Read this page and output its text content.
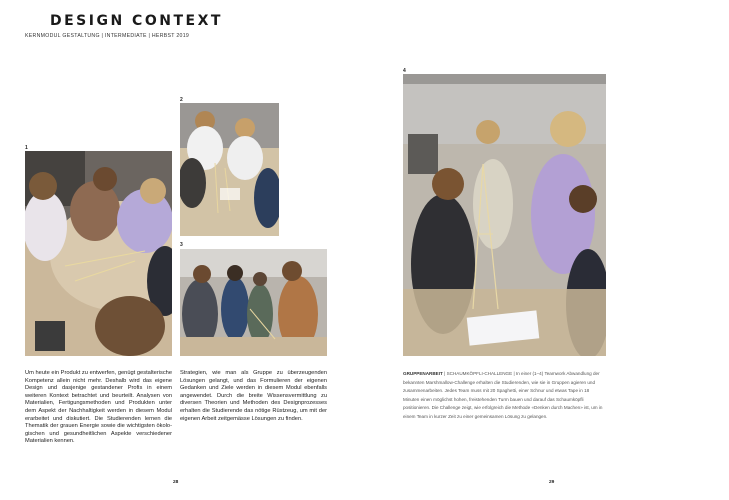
DESIGN CONTEXT
KERNMODUL GESTALTUNG | INTERMEDIATE | HERBST 2019
1
2
3
4
Um heute ein Produkt zu entwerfen, genügt gestalterische Kompetenz allein nicht mehr. Deshalb wird das eigene Design und dasjenige gestandener Profis in einem weiteren Kontext betrachtet und beurteilt. Analysen von Materialien, Fertigungsmethoden und Produkten unter dem Aspekt der Nachhaltigkeit werden in diesem Modul erarbeitet und diskutiert. Die Studierenden lernen die Thematik der grauen Energie sowie die wichtigsten ökologischen und gesundheitlichen Aspekte verschiedener Materialien kennen.
Strategien, wie man als Gruppe zu überzeugenden Lösungen gelangt, und das Formulieren der eigenen Gedanken und Ziele werden in diesem Modul ebenfalls angewendet. Durch die breite Wissensvermittlung zu diversen Theorien und Methoden des Designprozesses erhalten die Studierende das nötige Rüstzeug, um mit der eigenen Arbeit zeitgemässe Lösungen zu finden.
GRUPPENARBEIT | SCHAUMKÖPFLI-CHALLENGE | In einer (1–4) Teamwork Abwandlung der bekannten Marshmallow-Challenge erhalten die Studierenden, wie sie in Gruppen agieren und zusammenarbeiten. Jedes Team muss mit 20 Spaghetti, einer Schnur und etwas Tape in 18 Minuten einen möglichst hohen, freistehenden Turm bauen und darauf das Schaumköpfli positionieren. Die Challenge zeigt, wie erfolgreich die Methode «Denken durch Machen» ist, um in einem Team in kurzer Zeit zu einer gemeinsamen Lösung zu gelangen.
28	29
